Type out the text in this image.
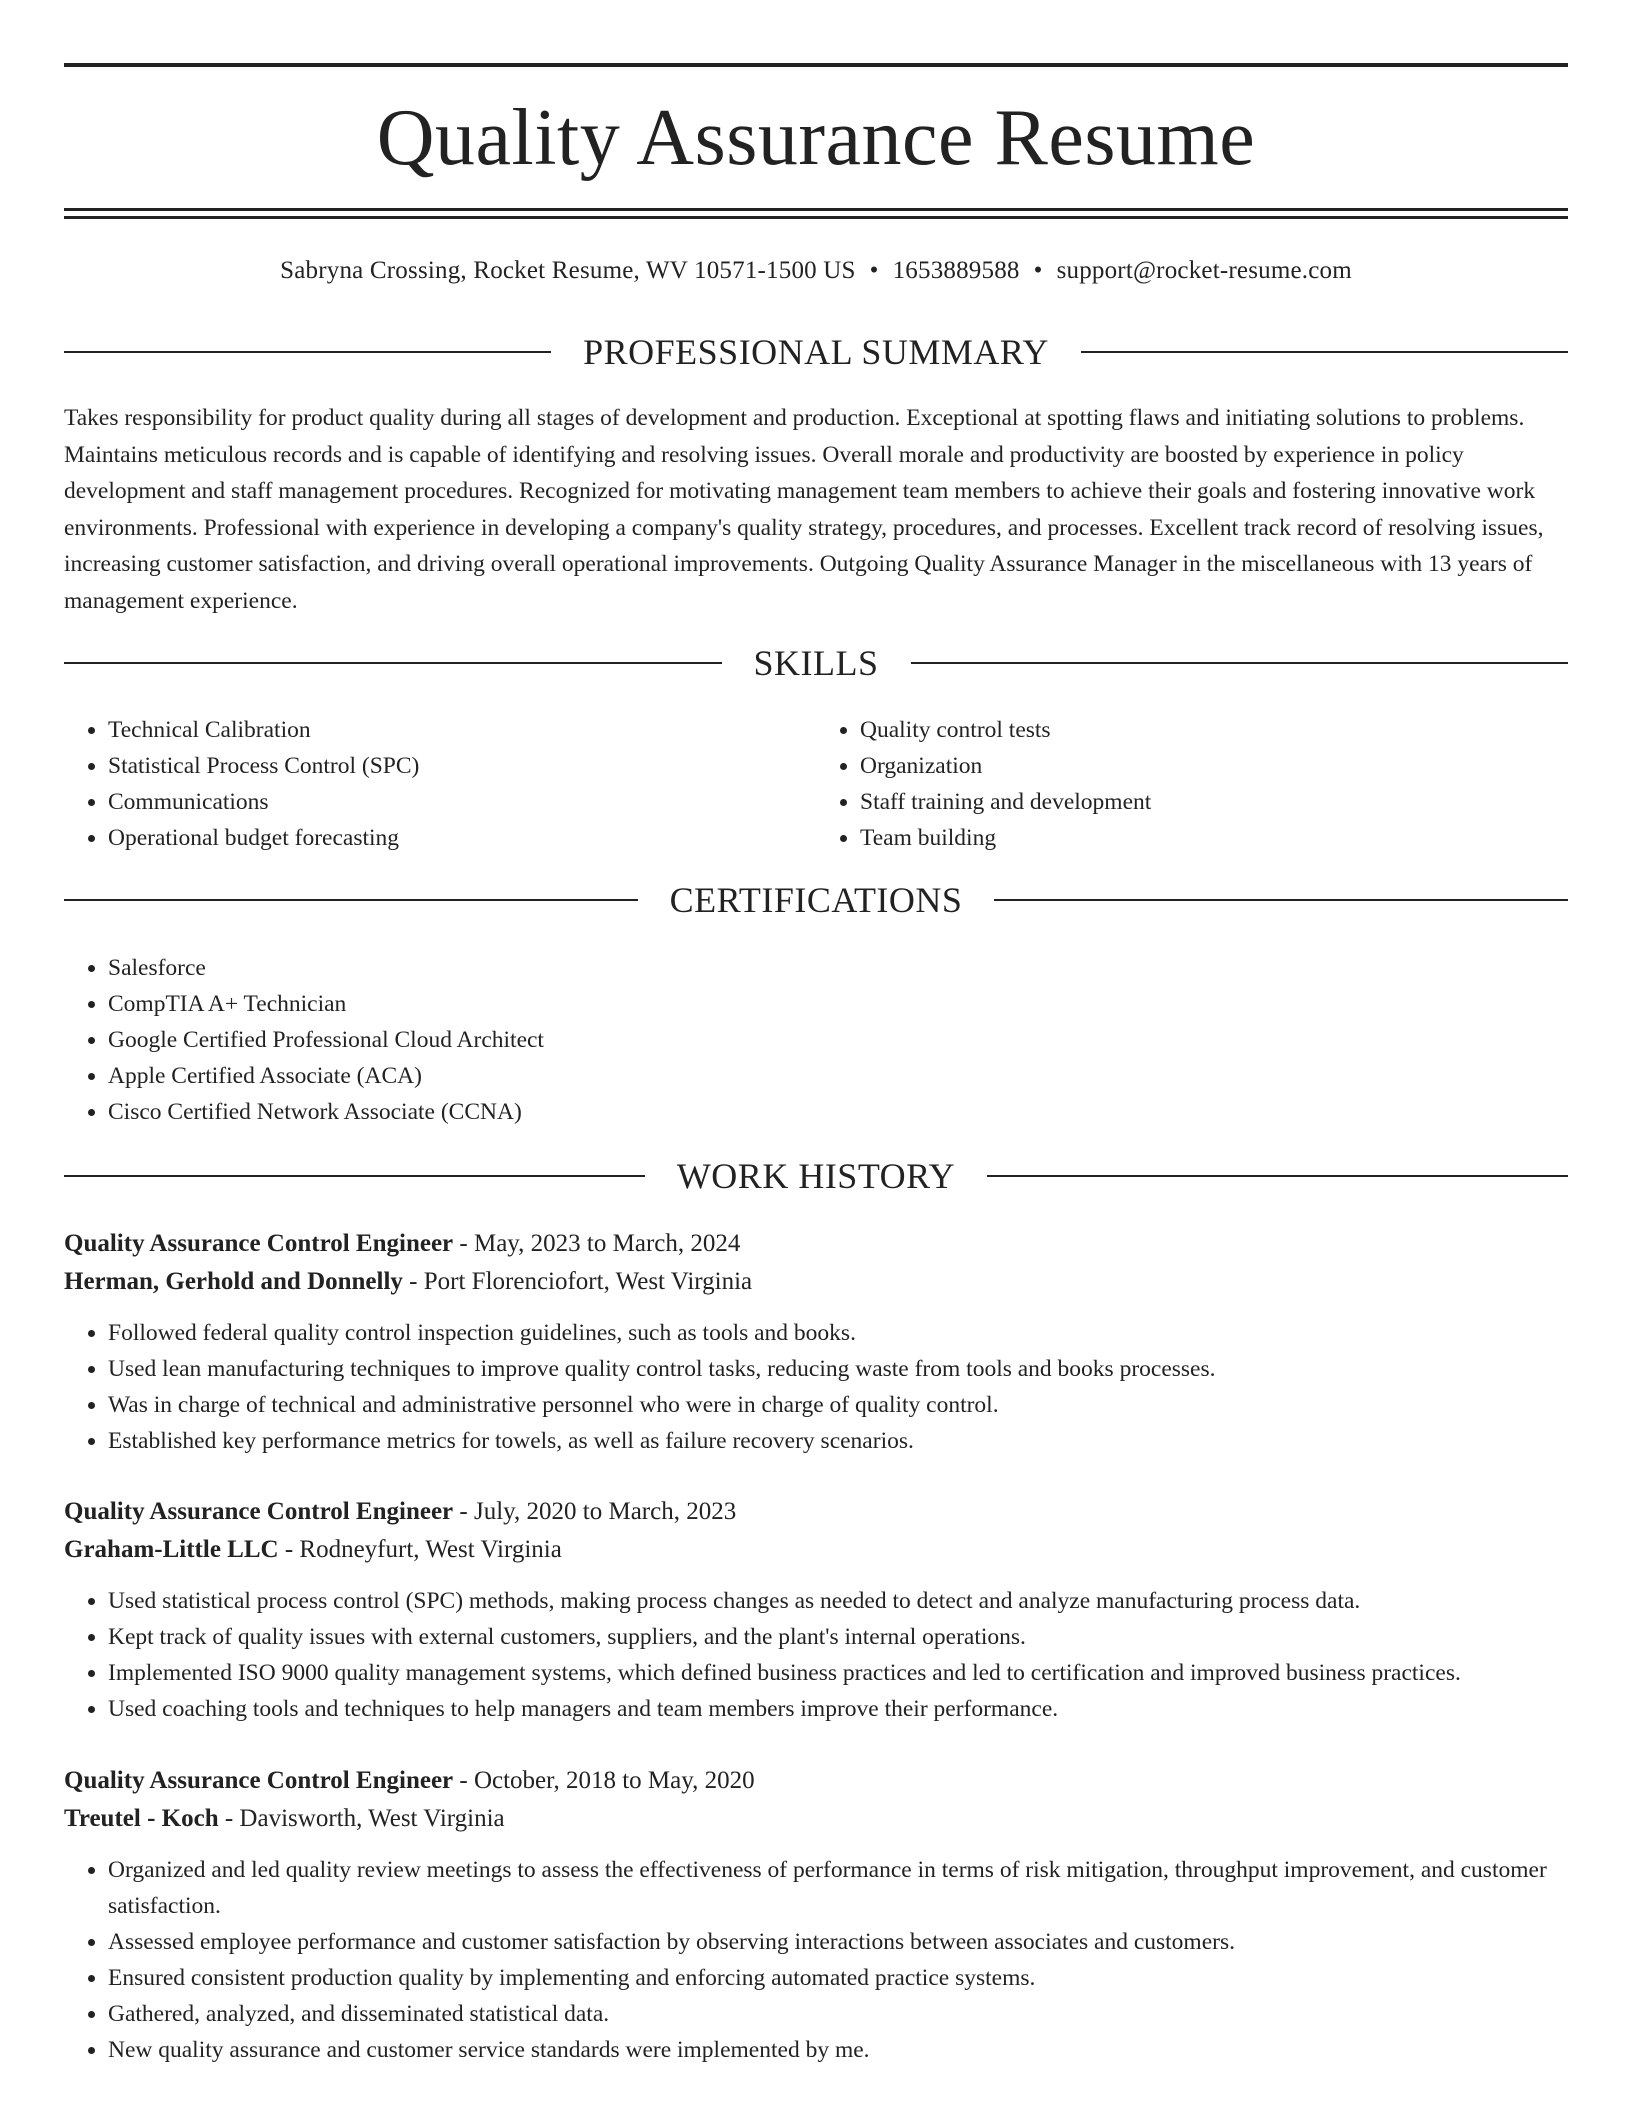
Quality Assurance Resume
Sabryna Crossing, Rocket Resume, WV 10571-1500 US • 1653889588 • support@rocket-resume.com
PROFESSIONAL SUMMARY

Takes responsibility for product quality during all stages of development and production. Exceptional at spotting flaws and initiating solutions to problems. Maintains meticulous records and is capable of identifying and resolving issues. Overall morale and productivity are boosted by experience in policy development and staff management procedures. Recognized for motivating management team members to achieve their goals and fostering innovative work environments. Professional with experience in developing a company's quality strategy, procedures, and processes. Excellent track record of resolving issues, increasing customer satisfaction, and driving overall operational improvements. Outgoing Quality Assurance Manager in the miscellaneous with 13 years of management experience.

SKILLS
• Technical Calibration
• Statistical Process Control (SPC)
• Communications
• Operational budget forecasting
• Quality control tests
• Organization
• Staff training and development
• Team building
CERTIFICATIONS
• Salesforce
• CompTIA A+ Technician
• Google Certified Professional Cloud Architect
• Apple Certified Associate (ACA)
• Cisco Certified Network Associate (CCNA)
WORK HISTORY
Quality Assurance Control Engineer - May, 2023 to March, 2024
Herman, Gerhold and Donnelly - Port Florenciofort, West Virginia
• Followed federal quality control inspection guidelines, such as tools and books.
• Used lean manufacturing techniques to improve quality control tasks, reducing waste from tools and books processes.
• Was in charge of technical and administrative personnel who were in charge of quality control.
• Established key performance metrics for towels, as well as failure recovery scenarios.
Quality Assurance Control Engineer - July, 2020 to March, 2023
Graham-Little LLC - Rodneyfurt, West Virginia
• Used statistical process control (SPC) methods, making process changes as needed to detect and analyze manufacturing process data.
• Kept track of quality issues with external customers, suppliers, and the plant's internal operations.
• Implemented ISO 9000 quality management systems, which defined business practices and led to certification and improved business practices.
• Used coaching tools and techniques to help managers and team members improve their performance.
Quality Assurance Control Engineer - October, 2018 to May, 2020
Treutel - Koch - Davisworth, West Virginia
• Organized and led quality review meetings to assess the effectiveness of performance in terms of risk mitigation, throughput improvement, and customer satisfaction.
• Assessed employee performance and customer satisfaction by observing interactions between associates and customers.
• Ensured consistent production quality by implementing and enforcing automated practice systems.
• Gathered, analyzed, and disseminated statistical data.
• New quality assurance and customer service standards were implemented by me.
